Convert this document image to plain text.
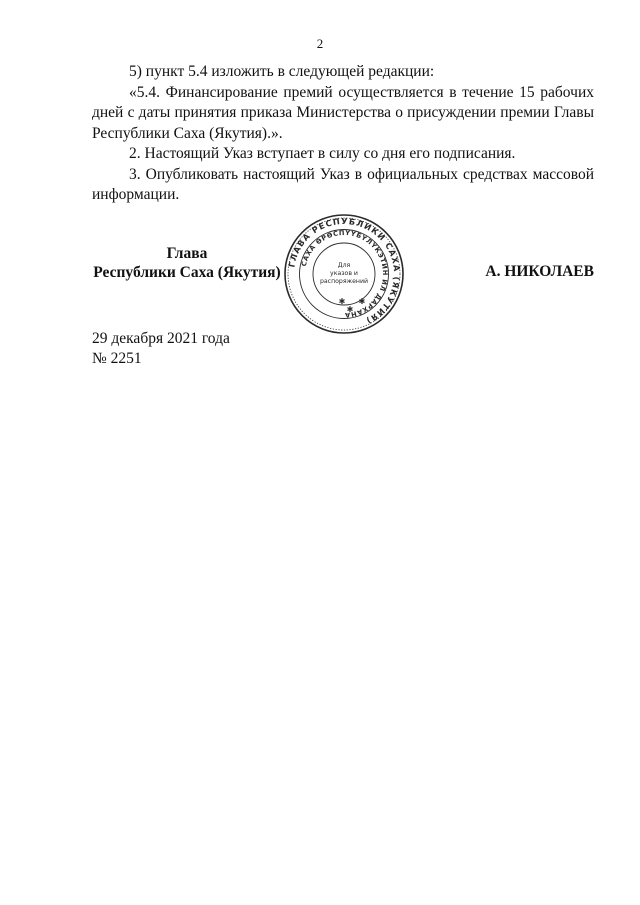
2

5) пункт 5.4 изложить в следующей редакции:

«5.4. Финансирование премий осуществляется в течение 15 рабочих дней с даты принятия приказа Министерства о присуждении премии Главы Республики Саха (Якутия).».

2. Настоящий Указ вступает в силу со дня его подписания.

3. Опубликовать настоящий Указ в официальных средствах массовой информации.

Глава
Республики Саха (Якутия) ГЛАВА РЕСПУБЛИКИ САХА (ЯКУТИЯ)
САХА ӨРӨСПҮҮБҮЛҮКЭТИН ИЛ ДАРХАНА
Для
указов и
распоряжений
✱
✱
✱
А. НИКОЛАЕВ
29 декабря 2021 года
№ 2251
